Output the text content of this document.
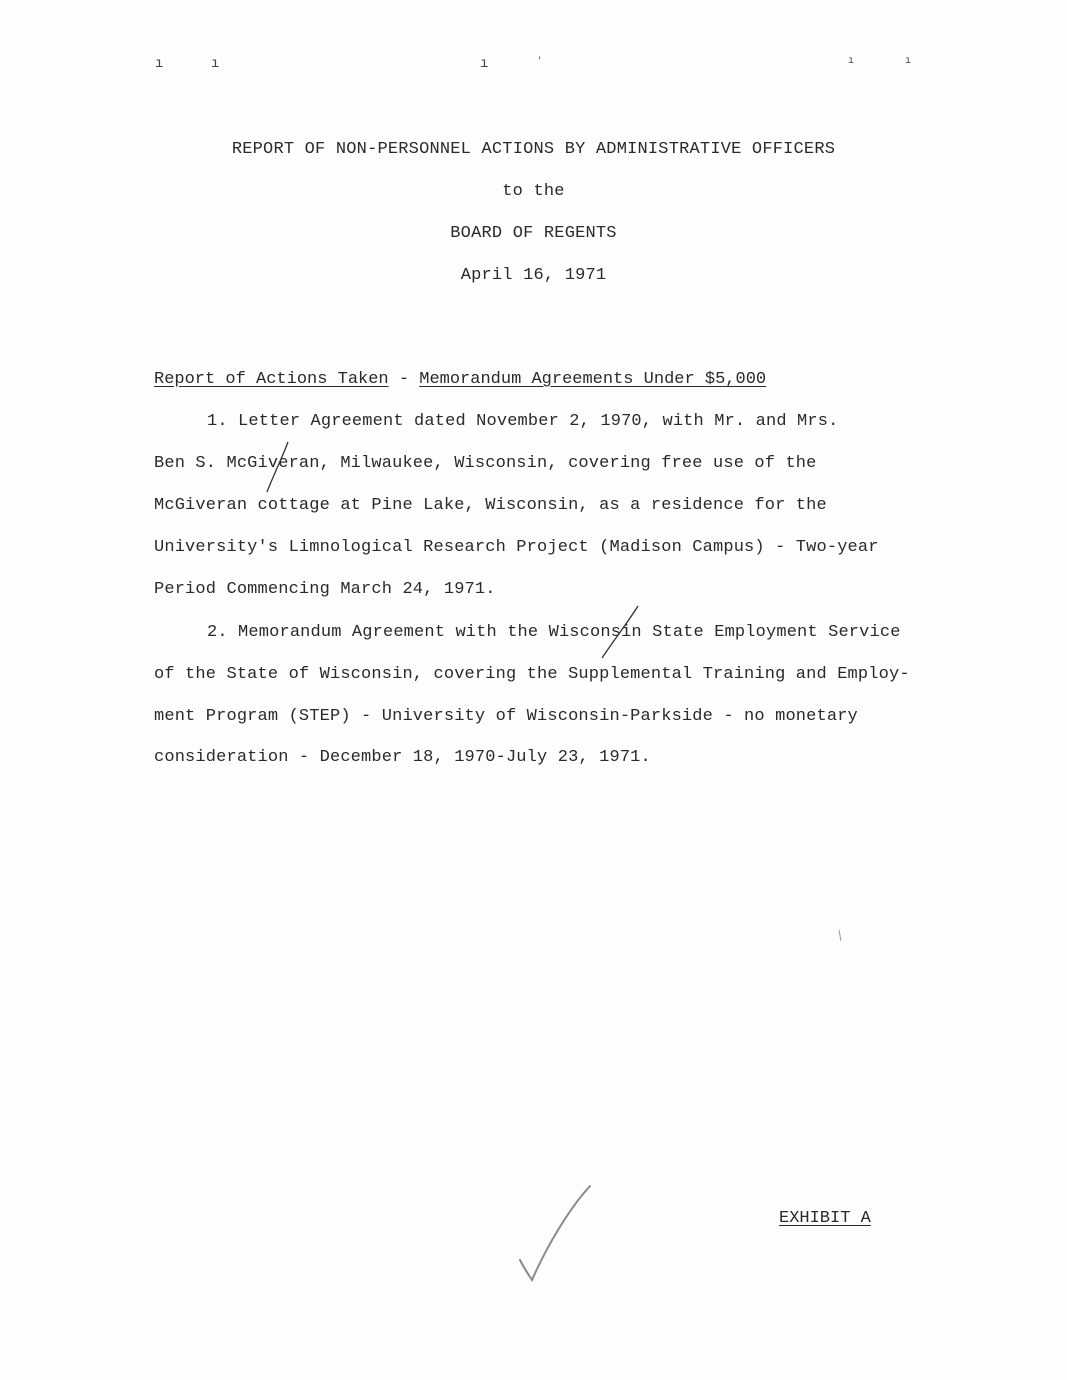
ı	ı	ı	'	ı	ı
REPORT OF NON-PERSONNEL ACTIONS BY ADMINISTRATIVE OFFICERS
to the
BOARD OF REGENTS
April 16, 1971
Report of Actions Taken - Memorandum Agreements Under $5,000
1. Letter Agreement dated November 2, 1970, with Mr. and Mrs.
Ben S. McGiveran, Milwaukee, Wisconsin, covering free use of the
McGiveran cottage at Pine Lake, Wisconsin, as a residence for the
University's Limnological Research Project (Madison Campus) - Two-year
Period Commencing March 24, 1971.
2. Memorandum Agreement with the Wisconsin State Employment Service
of the State of Wisconsin, covering the Supplemental Training and Employ-
ment Program (STEP) - University of Wisconsin-Parkside - no monetary
consideration - December 18, 1970-July 23, 1971.
EXHIBIT A
